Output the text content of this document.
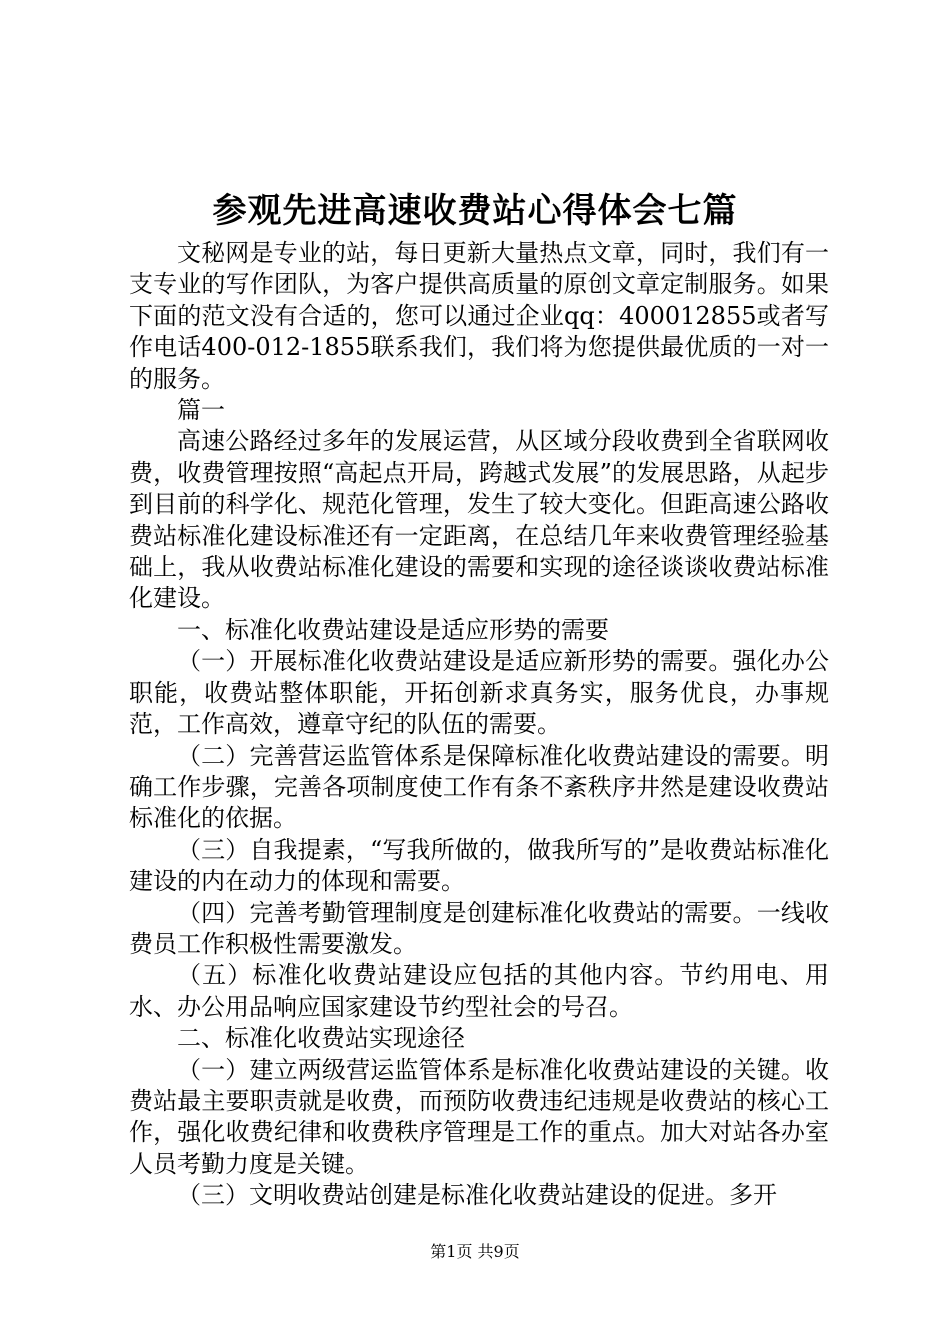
参观先进高速收费站心得体会七篇

文秘网是专业的站，每日更新大量热点文章，同时，我们有一支专业的写作团队，为客户提供高质量的原创文章定制服务。如果下面的范文没有合适的，您可以通过企业qq：400012855或者写作电话400-012-1855联系我们，我们将为您提供最优质的一对一的服务。

篇一

高速公路经过多年的发展运营，从区域分段收费到全省联网收费，收费管理按照“高起点开局，跨越式发展”的发展思路，从起步到目前的科学化、规范化管理，发生了较大变化。但距高速公路收费站标准化建设标准还有一定距离，在总结几年来收费管理经验基础上，我从收费站标准化建设的需要和实现的途径谈谈收费站标准化建设。

一、标准化收费站建设是适应形势的需要

（一）开展标准化收费站建设是适应新形势的需要。强化办公职能，收费站整体职能，开拓创新求真务实，服务优良，办事规范，工作高效，遵章守纪的队伍的需要。

（二）完善营运监管体系是保障标准化收费站建设的需要。明确工作步骤，完善各项制度使工作有条不紊秩序井然是建设收费站标准化的依据。

（三）自我提素，“写我所做的，做我所写的”是收费站标准化建设的内在动力的体现和需要。

（四）完善考勤管理制度是创建标准化收费站的需要。一线收费员工作积极性需要激发。

（五）标准化收费站建设应包括的其他内容。节约用电、用水、办公用品响应国家建设节约型社会的号召。

二、标准化收费站实现途径

（一）建立两级营运监管体系是标准化收费站建设的关键。收费站最主要职责就是收费，而预防收费违纪违规是收费站的核心工作，强化收费纪律和收费秩序管理是工作的重点。加大对站各办室人员考勤力度是关键。

（三）文明收费站创建是标准化收费站建设的促进。多开

第1页 共9页
